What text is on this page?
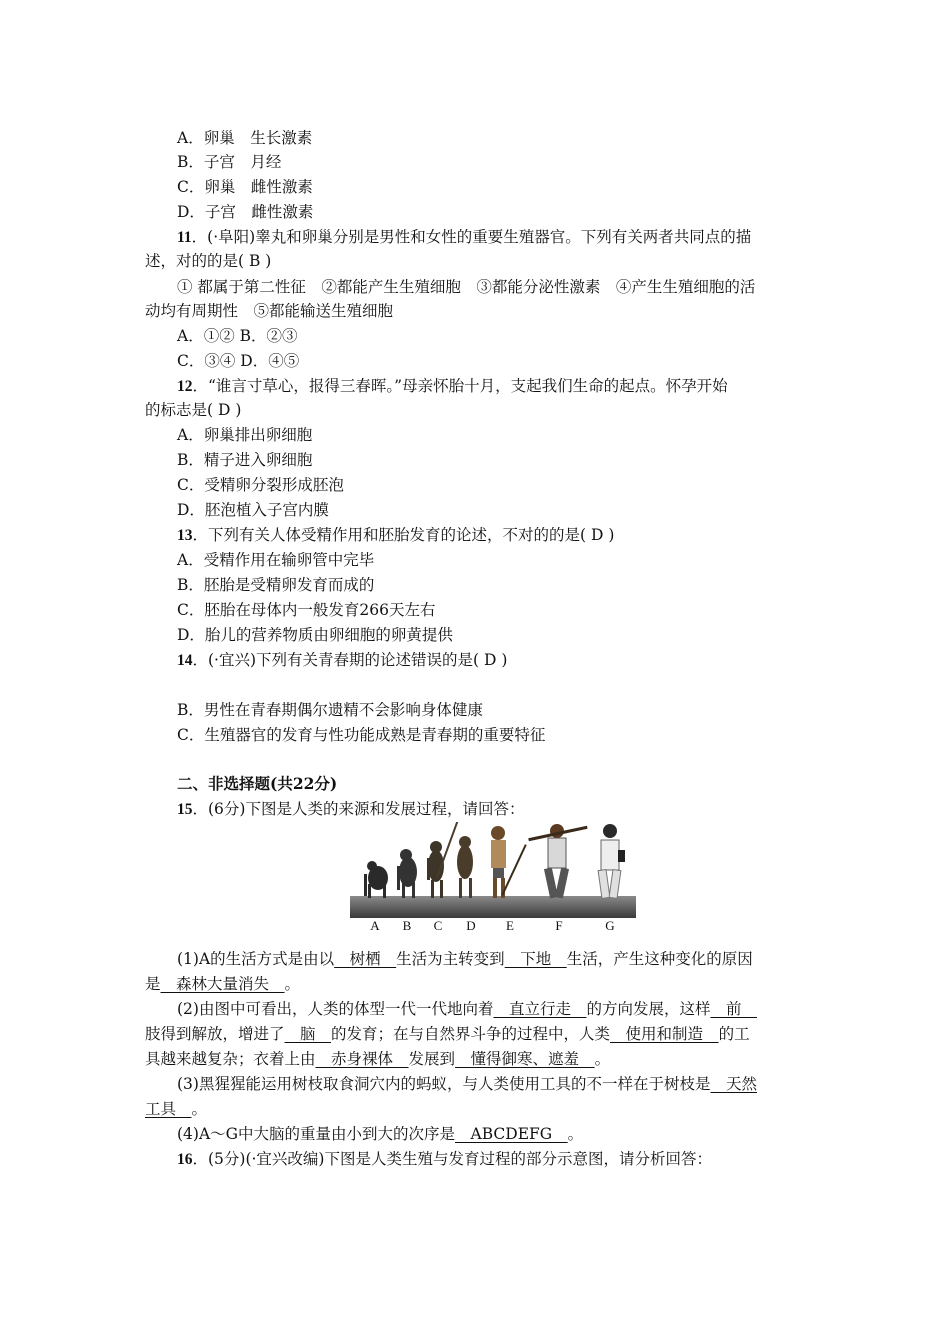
A．卵巢　生长激素
B．子宫　月经
C．卵巢　雌性激素
D．子宫　雌性激素
11．(·阜阳)睾丸和卵巢分别是男性和女性的重要生殖器官。下列有关两者共同点的描
述，对的的是( B )
① 都属于第二性征　②都能产生生殖细胞　③都能分泌性激素　④产生生殖细胞的活
动均有周期性　⑤都能输送生殖细胞
A．①② B．②③
C．③④ D．④⑤
12．“谁言寸草心，报得三春晖。”母亲怀胎十月，支起我们生命的起点。怀孕开始
的标志是( D )
A．卵巢排出卵细胞
B．精子进入卵细胞
C．受精卵分裂形成胚泡
D．胚泡植入子宫内膜
13．下列有关人体受精作用和胚胎发育的论述，不对的的是( D )
A．受精作用在输卵管中完毕
B．胚胎是受精卵发育而成的
C．胚胎在母体内一般发育266天左右
D．胎儿的营养物质由卵细胞的卵黄提供
14．(·宜兴)下列有关青春期的论述错误的是( D )
B．男性在青春期偶尔遗精不会影响身体健康
C．生殖器官的发育与性功能成熟是青春期的重要特征
二、非选择题(共22分)
15．(6分)下图是人类的来源和发展过程，请回答：
A B C D E	F	G
(1)A的生活方式是由以　树栖　生活为主转变到　下地　生活，产生这种变化的原因
是　森林大量消失　。
(2)由图中可看出，人类的体型一代一代地向着　直立行走　的方向发展，这样　前　
肢得到解放，增进了　脑　的发育；在与自然界斗争的过程中，人类　使用和制造　的工
具越来越复杂；衣着上由　赤身裸体　发展到　懂得御寒、遮羞　。
(3)黑猩猩能运用树枝取食洞穴内的蚂蚁，与人类使用工具的不一样在于树枝是　天然
工具　。
(4)A～G中大脑的重量由小到大的次序是　ABCDEFG　。
16．(5分)(·宜兴改编)下图是人类生殖与发育过程的部分示意图，请分析回答：
